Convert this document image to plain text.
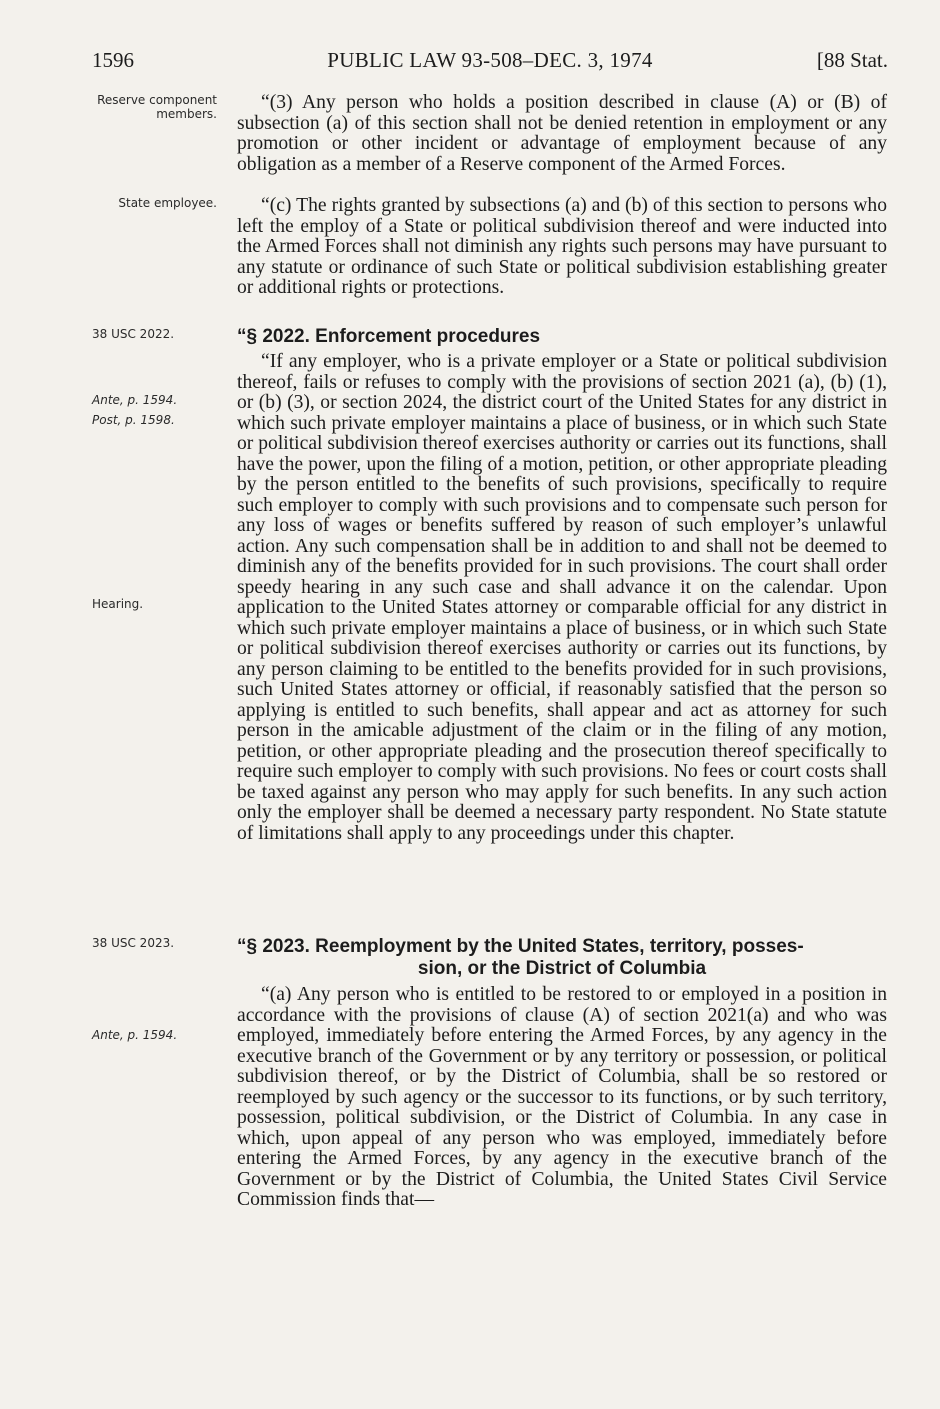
1596	PUBLIC LAW 93-508–DEC. 3, 1974	[88 Stat.
Reserve component members.
State employee.
38 USC 2022.
Ante, p. 1594.
Post, p. 1598.
Hearing.
38 USC 2023.
Ante, p. 1594.

“(3) Any person who holds a position described in clause (A) or (B) of subsection (a) of this section shall not be denied retention in employment or any promotion or other incident or advantage of employment because of any obligation as a member of a Reserve component of the Armed Forces.

“(c) The rights granted by subsections (a) and (b) of this section to persons who left the employ of a State or political subdivision thereof and were inducted into the Armed Forces shall not diminish any rights such persons may have pursuant to any statute or ordinance of such State or political subdivision establishing greater or additional rights or protections.

“§ 2022. Enforcement procedures

“If any employer, who is a private employer or a State or political subdivision thereof, fails or refuses to comply with the provisions of section 2021 (a), (b) (1), or (b) (3), or section 2024, the district court of the United States for any district in which such private employer maintains a place of business, or in which such State or political subdivision thereof exercises authority or carries out its functions, shall have the power, upon the filing of a motion, petition, or other appropriate pleading by the person entitled to the benefits of such provisions, specifically to require such employer to comply with such provisions and to compensate such person for any loss of wages or benefits suffered by reason of such employer’s unlawful action. Any such compensation shall be in addition to and shall not be deemed to diminish any of the benefits provided for in such provisions. The court shall order speedy hearing in any such case and shall advance it on the calendar. Upon application to the United States attorney or comparable official for any district in which such private employer maintains a place of business, or in which such State or political subdivision thereof exercises authority or carries out its functions, by any person claiming to be entitled to the benefits provided for in such provisions, such United States attorney or official, if reasonably satisfied that the person so applying is entitled to such benefits, shall appear and act as attorney for such person in the amicable adjustment of the claim or in the filing of any motion, petition, or other appropriate pleading and the prosecution thereof specifically to require such employer to comply with such provisions. No fees or court costs shall be taxed against any person who may apply for such benefits. In any such action only the employer shall be deemed a necessary party respondent. No State statute of limitations shall apply to any proceedings under this chapter.

“§ 2023. Reemployment by the United States, territory, posses-
sion, or the District of Columbia

“(a) Any person who is entitled to be restored to or employed in a position in accordance with the provisions of clause (A) of section 2021(a) and who was employed, immediately before entering the Armed Forces, by any agency in the executive branch of the Government or by any territory or possession, or political subdivision thereof, or by the District of Columbia, shall be so restored or reemployed by such agency or the successor to its functions, or by such territory, possession, political subdivision, or the District of Columbia. In any case in which, upon appeal of any person who was employed, immediately before entering the Armed Forces, by any agency in the executive branch of the Government or by the District of Columbia, the United States Civil Service Commission finds that—
